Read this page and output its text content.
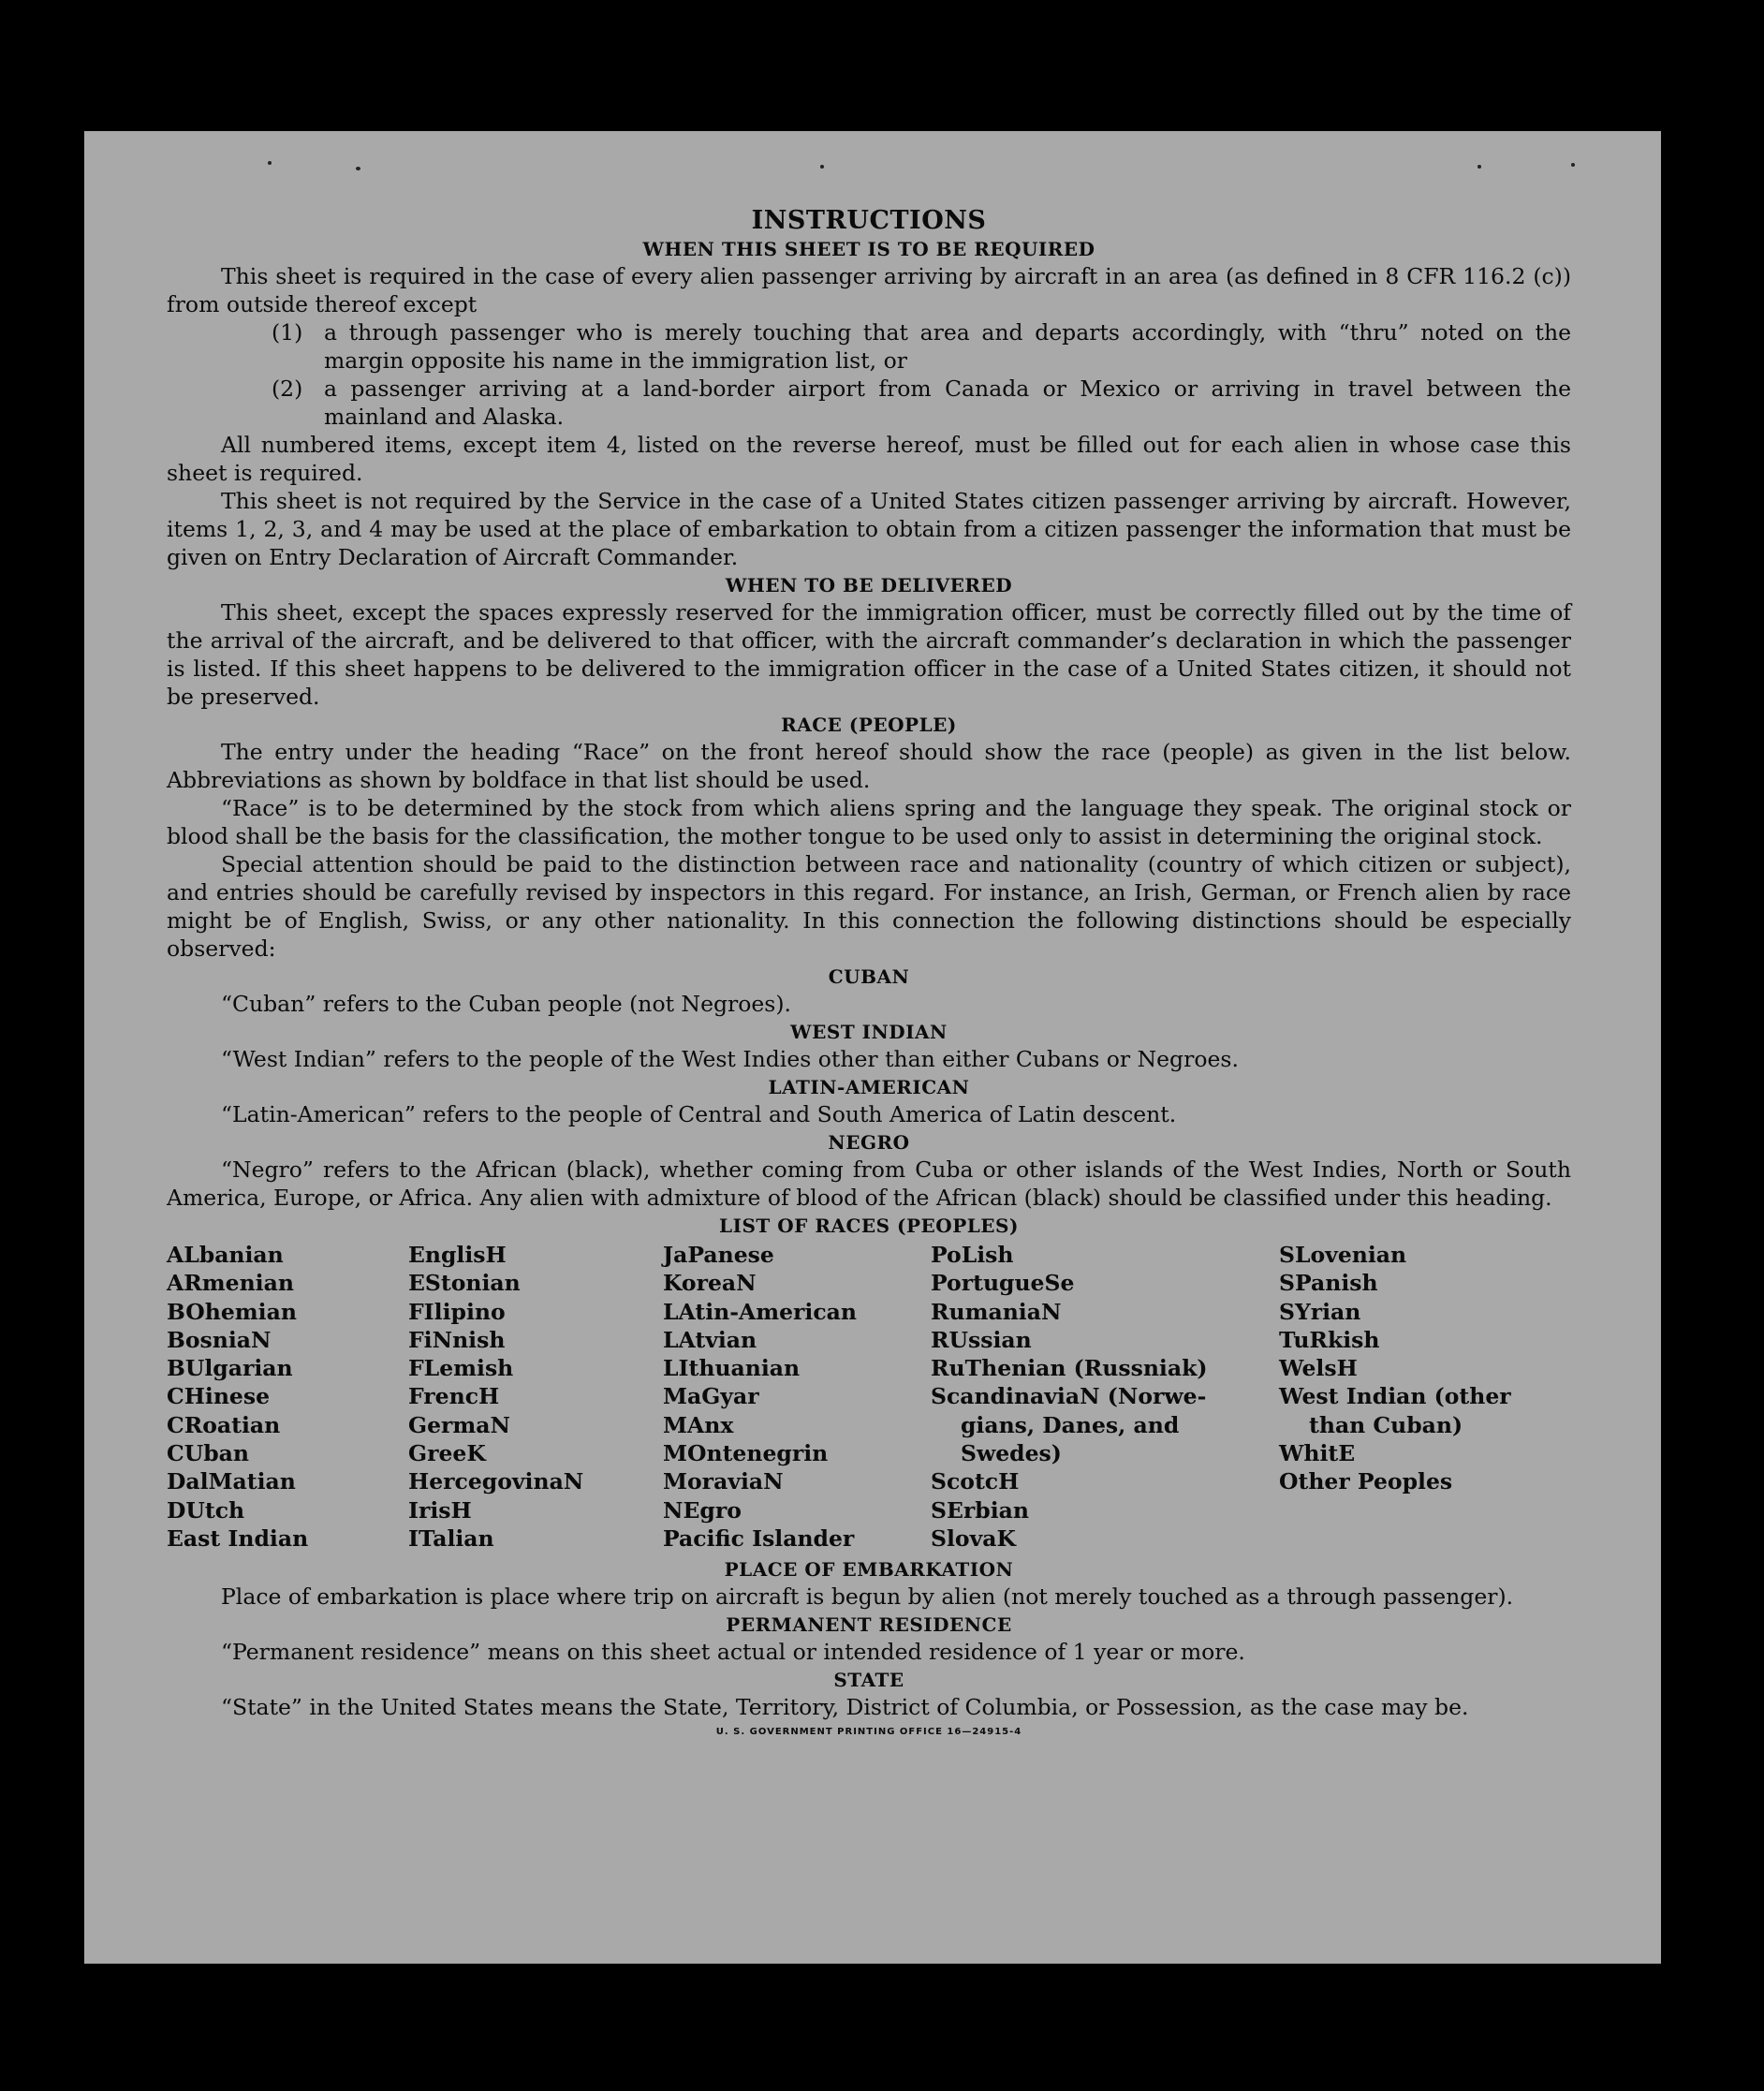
INSTRUCTIONS
WHEN THIS SHEET IS TO BE REQUIRED

This sheet is required in the case of every alien passenger arriving by aircraft in an area (as defined in 8 CFR 116.2 (c)) from outside thereof except

(1) a through passenger who is merely touching that area and departs accordingly, with “thru” noted on the margin opposite his name in the immigration list, or
(2) a passenger arriving at a land-border airport from Canada or Mexico or arriving in travel between the mainland and Alaska.

All numbered items, except item 4, listed on the reverse hereof, must be filled out for each alien in whose case this sheet is required.

This sheet is not required by the Service in the case of a United States citizen passenger arriving by aircraft. However, items 1, 2, 3, and 4 may be used at the place of embarkation to obtain from a citizen passenger the information that must be given on Entry Declaration of Aircraft Commander.

WHEN TO BE DELIVERED

This sheet, except the spaces expressly reserved for the immigration officer, must be correctly filled out by the time of the arrival of the aircraft, and be delivered to that officer, with the aircraft commander’s declaration in which the passenger is listed. If this sheet happens to be delivered to the immigration officer in the case of a United States citizen, it should not be preserved.

RACE (PEOPLE)

The entry under the heading “Race” on the front hereof should show the race (people) as given in the list below. Abbreviations as shown by boldface in that list should be used.

“Race” is to be determined by the stock from which aliens spring and the language they speak. The original stock or blood shall be the basis for the classification, the mother tongue to be used only to assist in determining the original stock.

Special attention should be paid to the distinction between race and nationality (country of which citizen or subject), and entries should be carefully revised by inspectors in this regard. For instance, an Irish, German, or French alien by race might be of English, Swiss, or any other nationality. In this connection the following distinctions should be especially observed:

CUBAN

“Cuban” refers to the Cuban people (not Negroes).

WEST INDIAN

“West Indian” refers to the people of the West Indies other than either Cubans or Negroes.

LATIN-AMERICAN

“Latin-American” refers to the people of Central and South America of Latin descent.

NEGRO

“Negro” refers to the African (black), whether coming from Cuba or other islands of the West Indies, North or South America, Europe, or Africa. Any alien with admixture of blood of the African (black) should be classified under this heading.

LIST OF RACES (PEOPLES)
ALbanian
ARmenian
BOhemian
BosniaN
BUlgarian
CHinese
CRoatian
CUban
DalMatian
DUtch
East Indian
EnglisH
EStonian
FIlipino
FiNnish
FLemish
FrencH
GermaN
GreeK
HercegovinaN
IrisH
ITalian
JaPanese
KoreaN
LAtin-American
LAtvian
LIthuanian
MaGyar
MAnx
MOntenegrin
MoraviaN
NEgro
Pacific Islander
PoLish
PortugueSe
RumaniaN
RUssian
RuThenian (Russniak)
ScandinaviaN (Norwe-
gians, Danes, and
Swedes)
ScotcH
SErbian
SlovaK
SLovenian
SPanish
SYrian
TuRkish
WelsH
West Indian (other
than Cuban)
WhitE
Other Peoples
PLACE OF EMBARKATION

Place of embarkation is place where trip on aircraft is begun by alien (not merely touched as a through passenger).

PERMANENT RESIDENCE

“Permanent residence” means on this sheet actual or intended residence of 1 year or more.

STATE

“State” in the United States means the State, Territory, District of Columbia, or Possession, as the case may be.

U. S. GOVERNMENT PRINTING OFFICE 16—24915-4
